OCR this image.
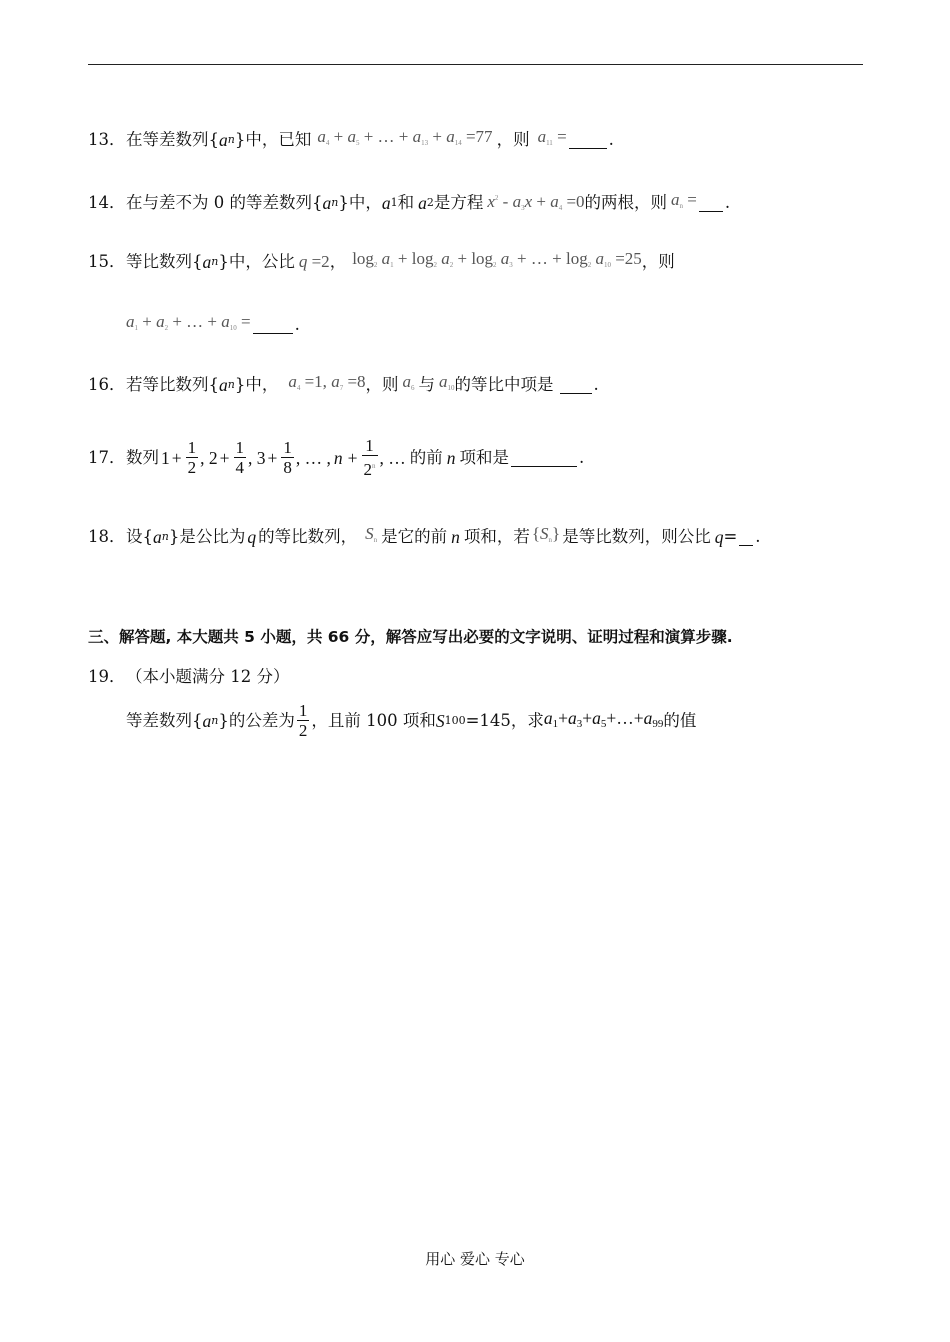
13． 在等差数列{ a n }中，已知 $a_4 + a_5$ + … + $a_{13} + a_{14} =77$ ，则 $a_{11}$ =	.
14． 在与差不为 0 的等差数列{ a n }中， a 1 和 a 2 是方程 $x^2 - a_3x + a_4 =0$ 的两根，则 $a_n$ = .
15． 等比数列{ a n }中，公比 q =2 ， $\log_2 a_1 + \log_2 a_2 + \log_2 a_3$ + … + $\log_2 a_{10} =25$ ，则
$a_1 + a_2$ + … + $a_{10}$ =	.
16． 若等比数列{ a n }中， $a_4 =1$, $a_7 =8$ ，则 $a_6$ 与 $a_{10}$ 的等比中项是 .
17． 数列 $1 + \frac{1}{2}$ , $2 + \frac{1}{4}$ , $3 + \frac{1}{8}$ , … , $n + \frac{1}{2^n}$ , … 的前 n 项和是	.
18． 设{ a n }是公比为 q 的等比数列， $S_n$ 是它的前 n 项和，若 $\{S_n\}$ 是等比数列，则公比 q = .
三、解答题, 本大题共 5 小题，共 66 分，解答应写出必要的文字说明、证明过程和演算步骤.
19． （本小题满分 12 分）
等差数列{ a n }的公差为 $\frac{1}{2}$ ，且前 100 项和 S 100 =145，求 $a_1+a_3+a_5+\dots+a_{99}$ 的值
用心 爱心 专心
